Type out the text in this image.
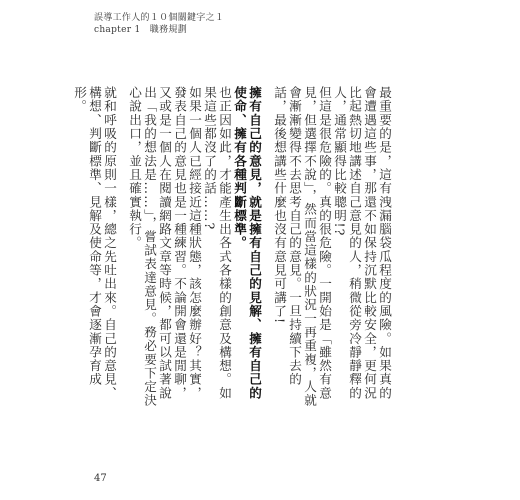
誤導工作人的１０個關鍵字之１
chapter 1　職務規劃

最重要的是，這有洩漏腦袋瓜程度的風險。如果真的會遭遇這些事，那還不如保持沉默比較安全，更何況比起熱切地講述自己意見的人，稍微從旁冷靜靜釋的人，通常顯得比較聰明!?

但這是很危險的。真的很危險。一開始是「雖然有意見，但選擇不說」，然而當這樣的狀況一再重複，人就會漸漸變得不去思考自己的意見。一旦持續下去的話，最後想講些什麼也沒有意見可講了!

擁有自己的意見，就是擁有自己的見解、擁有自己的使命、擁有各種判斷標準。

也正因如此，才能產生出各式各樣的創意及構想。如果這些都沒了的話……?

如果一個人已經接近這種狀態，該怎麼辦好？其實，發表自己的意見也是一種練習。不論開會還是閒聊，又或是一個人在閱讀網路文章等時候，都可以試著說出「我的想法是……」，嘗試表達意見。務必要下定決心說出口，並且確實執行。

就和呼吸的原則一樣，總之先吐出來。自己的意見、構想、判斷標準、見解及使命等，才會逐漸孕育成形。

47
